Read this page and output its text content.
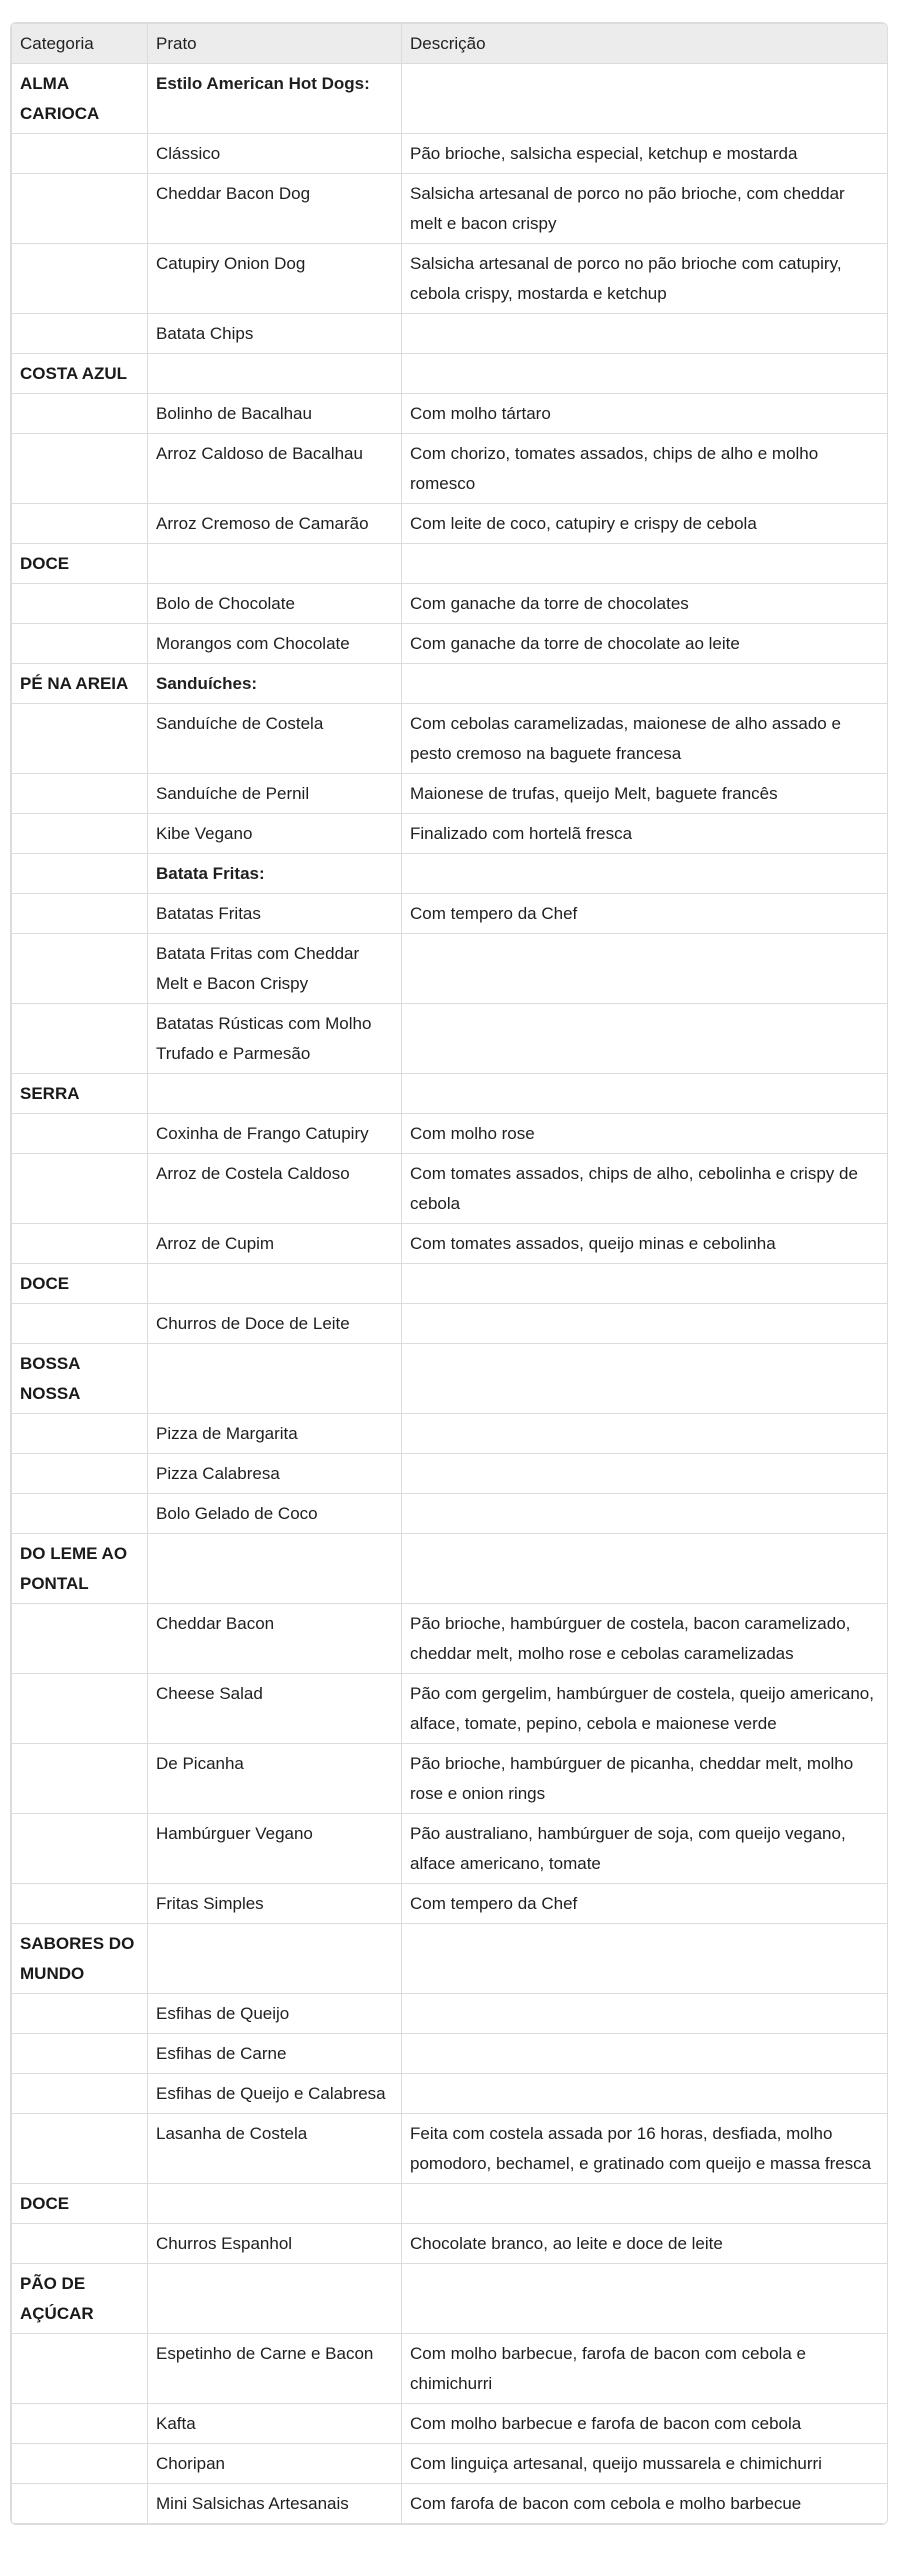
Categoria	Prato	Descrição
ALMA CARIOCA	Estilo American Hot Dogs:	
	Clássico	Pão brioche, salsicha especial, ketchup e mostarda
	Cheddar Bacon Dog	Salsicha artesanal de porco no pão brioche, com cheddar melt e bacon crispy
	Catupiry Onion Dog	Salsicha artesanal de porco no pão brioche com catupiry, cebola crispy, mostarda e ketchup
	Batata Chips	
COSTA AZUL		
	Bolinho de Bacalhau	Com molho tártaro
	Arroz Caldoso de Bacalhau	Com chorizo, tomates assados, chips de alho e molho romesco
	Arroz Cremoso de Camarão	Com leite de coco, catupiry e crispy de cebola
DOCE		
	Bolo de Chocolate	Com ganache da torre de chocolates
	Morangos com Chocolate	Com ganache da torre de chocolate ao leite
PÉ NA AREIA	Sanduíches:	
	Sanduíche de Costela	Com cebolas caramelizadas, maionese de alho assado e pesto cremoso na baguete francesa
	Sanduíche de Pernil	Maionese de trufas, queijo Melt, baguete francês
	Kibe Vegano	Finalizado com hortelã fresca
	Batata Fritas:	
	Batatas Fritas	Com tempero da Chef
	Batata Fritas com Cheddar Melt e Bacon Crispy	
	Batatas Rústicas com Molho Trufado e Parmesão	
SERRA		
	Coxinha de Frango Catupiry	Com molho rose
	Arroz de Costela Caldoso	Com tomates assados, chips de alho, cebolinha e crispy de cebola
	Arroz de Cupim	Com tomates assados, queijo minas e cebolinha
DOCE		
	Churros de Doce de Leite	
BOSSA NOSSA		
	Pizza de Margarita	
	Pizza Calabresa	
	Bolo Gelado de Coco	
DO LEME AO PONTAL		
	Cheddar Bacon	Pão brioche, hambúrguer de costela, bacon caramelizado, cheddar melt, molho rose e cebolas caramelizadas
	Cheese Salad	Pão com gergelim, hambúrguer de costela, queijo americano, alface, tomate, pepino, cebola e maionese verde
	De Picanha	Pão brioche, hambúrguer de picanha, cheddar melt, molho rose e onion rings
	Hambúrguer Vegano	Pão australiano, hambúrguer de soja, com queijo vegano, alface americano, tomate
	Fritas Simples	Com tempero da Chef
SABORES DO MUNDO		
	Esfihas de Queijo	
	Esfihas de Carne	
	Esfihas de Queijo e Calabresa	
	Lasanha de Costela	Feita com costela assada por 16 horas, desfiada, molho pomodoro, bechamel, e gratinado com queijo e massa fresca
DOCE		
	Churros Espanhol	Chocolate branco, ao leite e doce de leite
PÃO DE AÇÚCAR		
	Espetinho de Carne e Bacon	Com molho barbecue, farofa de bacon com cebola e chimichurri
	Kafta	Com molho barbecue e farofa de bacon com cebola
	Choripan	Com linguiça artesanal, queijo mussarela e chimichurri
	Mini Salsichas Artesanais	Com farofa de bacon com cebola e molho barbecue
